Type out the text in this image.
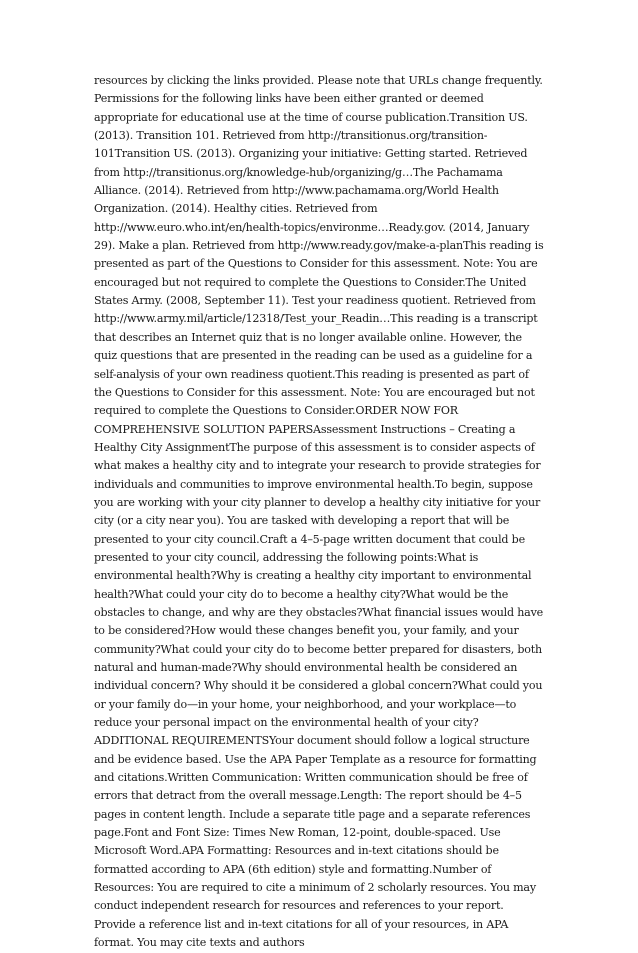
resources by clicking the links provided. Please note that URLs change frequently. Permissions for the following links have been either granted or deemed appropriate for educational use at the time of course publication.Transition US. (2013). Transition 101. Retrieved from http://transitionus.org/transition-101Transition US. (2013). Organizing your initiative: Getting started. Retrieved from http://transitionus.org/knowledge-hub/organizing/g…The Pachamama Alliance. (2014). Retrieved from http://www.pachamama.org/World Health Organization. (2014). Healthy cities. Retrieved from http://www.euro.who.int/en/health-topics/environme…Ready.gov. (2014, January 29). Make a plan. Retrieved from http://www.ready.gov/make-a-planThis reading is presented as part of the Questions to Consider for this assessment. Note: You are encouraged but not required to complete the Questions to Consider.The United States Army. (2008, September 11). Test your readiness quotient. Retrieved from http://www.army.mil/article/12318/Test_your_Readin…This reading is a transcript that describes an Internet quiz that is no longer available online. However, the quiz questions that are presented in the reading can be used as a guideline for a self-analysis of your own readiness quotient.This reading is presented as part of the Questions to Consider for this assessment. Note: You are encouraged but not required to complete the Questions to Consider.ORDER NOW FOR COMPREHENSIVE SOLUTION PAPERSAssessment Instructions – Creating a Healthy City AssignmentThe purpose of this assessment is to consider aspects of what makes a healthy city and to integrate your research to provide strategies for individuals and communities to improve environmental health.To begin, suppose you are working with your city planner to develop a healthy city initiative for your city (or a city near you). You are tasked with developing a report that will be presented to your city council.Craft a 4–5-page written document that could be presented to your city council, addressing the following points:What is environmental health?Why is creating a healthy city important to environmental health?What could your city do to become a healthy city?What would be the obstacles to change, and why are they obstacles?What financial issues would have to be considered?How would these changes benefit you, your family, and your community?What could your city do to become better prepared for disasters, both natural and human-made?Why should environmental health be considered an individual concern? Why should it be considered a global concern?What could you or your family do—in your home, your neighborhood, and your workplace—to reduce your personal impact on the environmental health of your city?ADDITIONAL REQUIREMENTSYour document should follow a logical structure and be evidence based. Use the APA Paper Template as a resource for formatting and citations.Written Communication: Written communication should be free of errors that detract from the overall message.Length: The report should be 4–5 pages in content length. Include a separate title page and a separate references page.Font and Font Size: Times New Roman, 12-point, double-spaced. Use Microsoft Word.APA Formatting: Resources and in-text citations should be formatted according to APA (6th edition) style and formatting.Number of Resources: You are required to cite a minimum of 2 scholarly resources. You may conduct independent research for resources and references to your report. Provide a reference list and in-text citations for all of your resources, in APA format. You may cite texts and authors
